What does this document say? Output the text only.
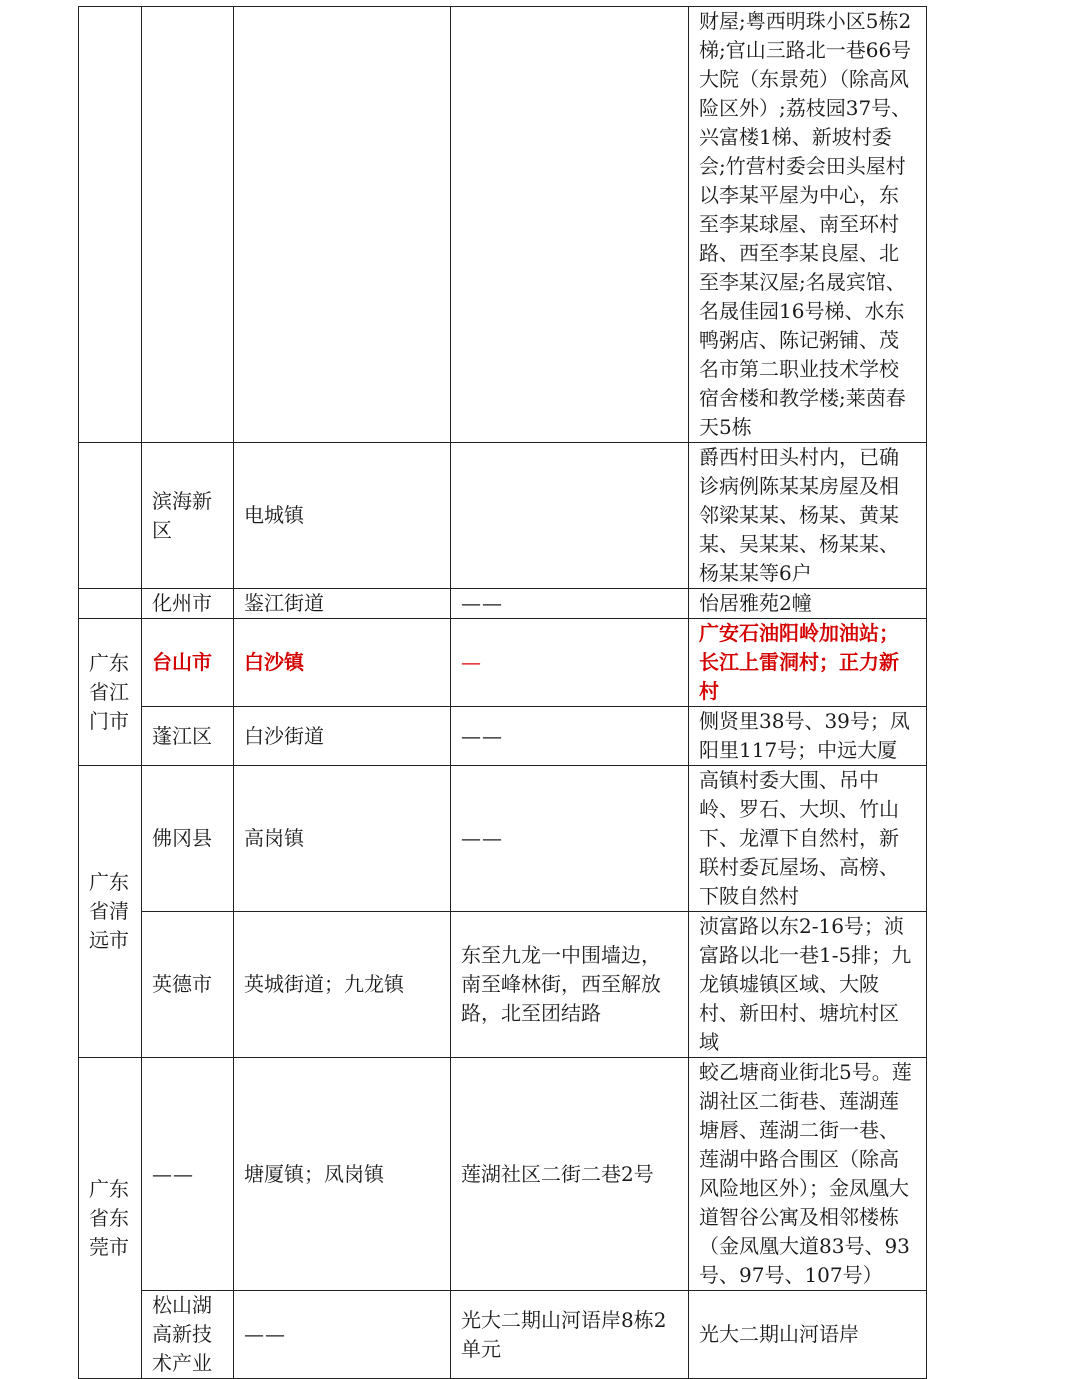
				财屋;粤西明珠小区5栋2梯;官山三路北一巷66号大院（东景苑）（除高风险区外）;荔枝园37号、兴富楼1梯、新坡村委会;竹营村委会田头屋村以李某平屋为中心，东至李某球屋、南至环村路、西至李某良屋、北至李某汉屋;名晟宾馆、名晟佳园16号梯、水东鸭粥店、陈记粥铺、茂名市第二职业技术学校宿舍楼和教学楼;莱茵春天5栋
	滨海新区	电城镇		爵西村田头村内，已确诊病例陈某某房屋及相邻梁某某、杨某、黄某某、吴某某、杨某某、杨某某等6户
	化州市	鉴江街道	——	怡居雅苑2幢
广东省江门市	台山市	白沙镇	—	广安石油阳岭加油站；长江上雷洞村；正力新村
	蓬江区	白沙街道	——	侧贤里38号、39号；凤阳里117号；中远大厦
广东省清远市	佛冈县	高岗镇	——	高镇村委大围、吊中岭、罗石、大坝、竹山下、龙潭下自然村，新联村委瓦屋场、高榜、下陂自然村
	英德市	英城街道；九龙镇	东至九龙一中围墙边，南至峰林街，西至解放路，北至团结路	浈富路以东2-16号；浈富路以北一巷1-5排；九龙镇墟镇区域、大陂村、新田村、塘坑村区域
广东省东莞市	——	塘厦镇；凤岗镇	莲湖社区二街二巷2号	蛟乙塘商业街北5号。莲湖社区二街巷、莲湖莲塘唇、莲湖二街一巷、莲湖中路合围区（除高风险地区外）；金凤凰大道智谷公寓及相邻楼栋（金凤凰大道83号、93号、97号、107号）
	松山湖高新技术产业	——	光大二期山河语岸8栋2单元	光大二期山河语岸
